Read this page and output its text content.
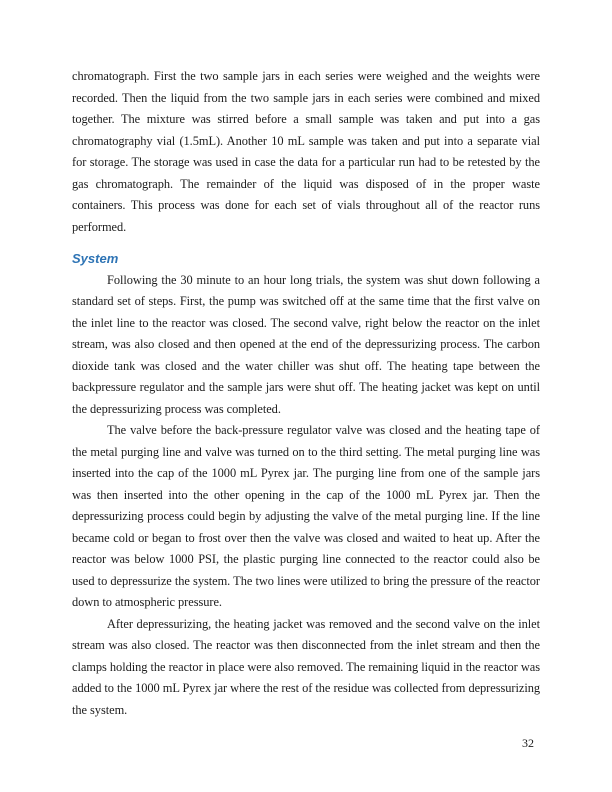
chromatograph. First the two sample jars in each series were weighed and the weights were recorded. Then the liquid from the two sample jars in each series were combined and mixed together. The mixture was stirred before a small sample was taken and put into a gas chromatography vial (1.5mL). Another 10 mL sample was taken and put into a separate vial for storage. The storage was used in case the data for a particular run had to be retested by the gas chromatograph. The remainder of the liquid was disposed of in the proper waste containers. This process was done for each set of vials throughout all of the reactor runs performed.

System

Following the 30 minute to an hour long trials, the system was shut down following a standard set of steps. First, the pump was switched off at the same time that the first valve on the inlet line to the reactor was closed. The second valve, right below the reactor on the inlet stream, was also closed and then opened at the end of the depressurizing process. The carbon dioxide tank was closed and the water chiller was shut off. The heating tape between the backpressure regulator and the sample jars were shut off. The heating jacket was kept on until the depressurizing process was completed.

The valve before the back-pressure regulator valve was closed and the heating tape of the metal purging line and valve was turned on to the third setting. The metal purging line was inserted into the cap of the 1000 mL Pyrex jar. The purging line from one of the sample jars was then inserted into the other opening in the cap of the 1000 mL Pyrex jar. Then the depressurizing process could begin by adjusting the valve of the metal purging line. If the line became cold or began to frost over then the valve was closed and waited to heat up. After the reactor was below 1000 PSI, the plastic purging line connected to the reactor could also be used to depressurize the system. The two lines were utilized to bring the pressure of the reactor down to atmospheric pressure.

After depressurizing, the heating jacket was removed and the second valve on the inlet stream was also closed. The reactor was then disconnected from the inlet stream and then the clamps holding the reactor in place were also removed. The remaining liquid in the reactor was added to the 1000 mL Pyrex jar where the rest of the residue was collected from depressurizing the system.

32
